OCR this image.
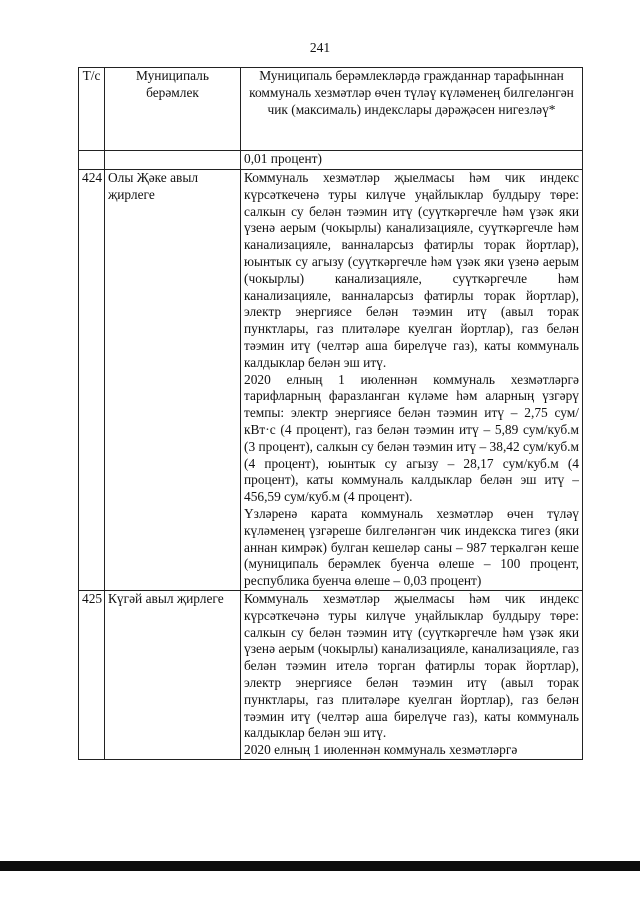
241
Т/с	Муниципаль берәмлек	Муниципаль берәмлекләрдә гражданнар тарафыннан коммуналь хезмәтләр өчен түләү күләменең билгеләнгән чик (максималь) индекслары дәрәҗәсен нигезләү*
		0,01 процент)
424	Олы Җәке авыл җирлеге	Коммуналь хезмәтләр җыелмасы һәм чик индекс күрсәткеченә туры килүче уңайлыклар булдыру төре: салкын су белән тәэмин итү (суүткәргечле һәм үзәк яки үзенә аерым (чокырлы) канализацияле, суүткәргечле һәм канализацияле, ванналарсыз фатирлы торак йортлар), юынтык су агызу (суүткәргечле һәм үзәк яки үзенә аерым (чокырлы) канализацияле, суүткәргечле һәм канализацияле, ванналарсыз фатирлы торак йортлар), электр энергиясе белән тәэмин итү (авыл торак пунктлары, газ плитәләре куелган йортлар), газ белән тәэмин итү (челтәр аша бирелүче газ), каты коммуналь калдыклар белән эш итү.

2020 елның 1 июленнән коммуналь хезмәтләргә тарифларның фаразланган күләме һәм аларның үзгәрү темпы: электр энергиясе белән тәэмин итү – 2,75 сум/кВт·с (4 процент), газ белән тәэмин итү – 5,89 сум/куб.м (3 процент), салкын су белән тәэмин итү – 38,42 сум/куб.м (4 процент), юынтык су агызу – 28,17 сум/куб.м (4 процент), каты коммуналь калдыклар белән эш итү – 456,59 сум/куб.м (4 процент).

Үзләренә карата коммуналь хезмәтләр өчен түләү күләменең үзгәреше билгеләнгән чик индекска тигез (яки аннан кимрәк) булган кешеләр саны – 987 теркәлгән кеше (муниципаль берәмлек буенча өлеше – 100 процент, республика буенча өлеше – 0,03 процент)

425	Күгәй авыл җирлеге	Коммуналь хезмәтләр җыелмасы һәм чик индекс күрсәткечәнә туры килүче уңайлыклар булдыру төре: салкын су белән тәэмин итү (суүткәргечле һәм үзәк яки үзенә аерым (чокырлы) канализацияле, канализацияле, газ белән тәэмин ителә торган фатирлы торак йортлар), электр энергиясе белән тәэмин итү (авыл торак пунктлары, газ плитәләре куелган йортлар), газ белән тәэмин итү (челтәр аша бирелүче газ), каты коммуналь калдыклар белән эш итү.

2020 елның 1 июленнән коммуналь хезмәтләргә
